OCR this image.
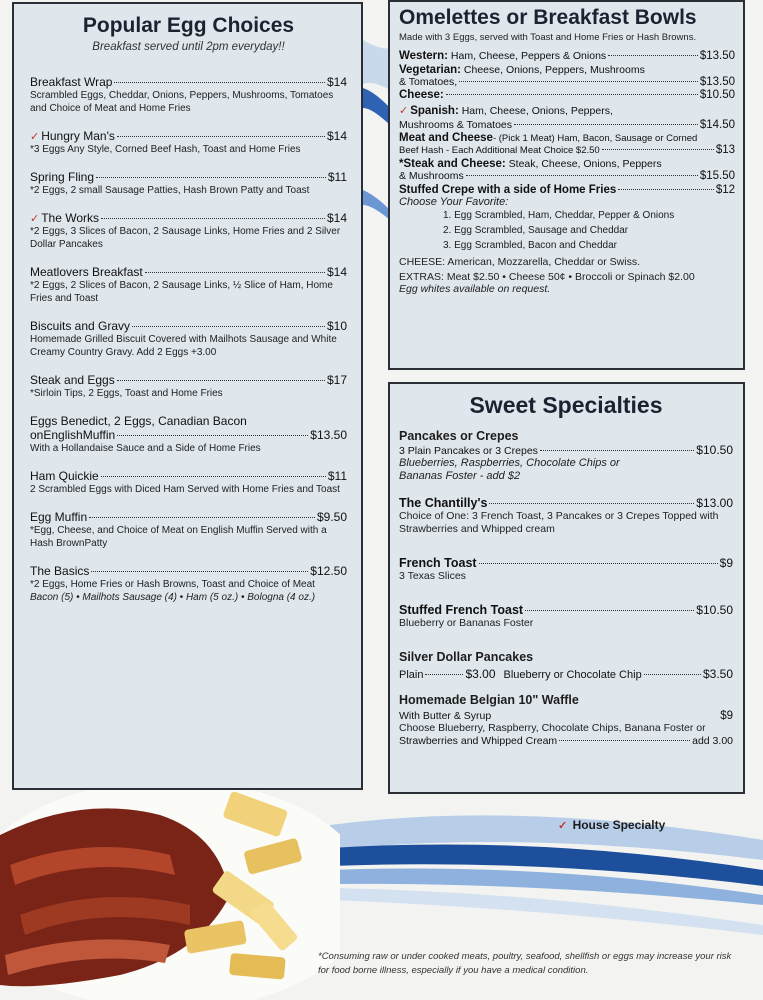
Popular Egg Choices

Breakfast served until 2pm everyday!!

Breakfast Wrap	$14
Scrambled Eggs, Cheddar, Onions, Peppers, Mushrooms, Tomatoes and Choice of Meat and Home Fries
✓ Hungry Man's	$14
*3 Eggs Any Style, Corned Beef Hash, Toast and Home Fries
Spring Fling	$11
*2 Eggs, 2 small Sausage Patties, Hash Brown Patty and Toast
✓ The Works	$14
*2 Eggs, 3 Slices of Bacon, 2 Sausage Links, Home Fries and 2 Silver Dollar Pancakes
Meatlovers Breakfast	$14
*2 Eggs, 2 Slices of Bacon, 2 Sausage Links, ½ Slice of Ham, Home Fries and Toast
Biscuits and Gravy	$10
Homemade Grilled Biscuit Covered with Mailhots Sausage and White Creamy Country Gravy. Add 2 Eggs +3.00
Steak and Eggs	$17
*Sirloin Tips, 2 Eggs, Toast and Home Fries
Eggs Benedict, 2 Eggs, Canadian Bacon
onEnglishMuffin	$13.50
With a Hollandaise Sauce and a Side of Home Fries
Ham Quickie	$11
2 Scrambled Eggs with Diced Ham Served with Home Fries and Toast
Egg Muffin	$9.50
*Egg, Cheese, and Choice of Meat on English Muffin Served with a Hash BrownPatty
The Basics	$12.50
*2 Eggs, Home Fries or Hash Browns, Toast and Choice of Meat
Bacon (5) • Mailhots Sausage (4) • Ham (5 oz.) • Bologna (4 oz.)
Omelettes or Breakfast Bowls
Made with 3 Eggs, served with Toast and Home Fries or Hash Browns.
Western: Ham, Cheese, Peppers & Onions	$13.50
Vegetarian: Cheese, Onions, Peppers, Mushrooms
& Tomatoes,	$13.50
Cheese:	$10.50
✓ Spanish: Ham, Cheese, Onions, Peppers,
Mushrooms & Tomatoes	$14.50
Meat and Cheese- (Pick 1 Meat) Ham, Bacon, Sausage or Corned
Beef Hash - Each Additional Meat Choice $2.50	$13
*Steak and Cheese: Steak, Cheese, Onions, Peppers
& Mushrooms	$15.50
Stuffed Crepe with a side of Home Fries	$12
Choose Your Favorite:
1. Egg Scrambled, Ham, Cheddar, Pepper & Onions
2. Egg Scrambled, Sausage and Cheddar
3. Egg Scrambled, Bacon and Cheddar
CHEESE: American, Mozzarella, Cheddar or Swiss.
EXTRAS: Meat $2.50 • Cheese 50¢ • Broccoli or Spinach $2.00
Egg whites available on request.
Sweet Specialties
Pancakes or Crepes
3 Plain Pancakes or 3 Crepes	$10.50
Blueberries, Raspberries, Chocolate Chips or Bananas Foster - add $2
The Chantilly's	$13.00
Choice of One: 3 French Toast, 3 Pancakes or 3 Crepes Topped with Strawberries and Whipped cream
French Toast	$9
3 Texas Slices
Stuffed French Toast	$10.50
Blueberry or Bananas Foster
Silver Dollar Pancakes
Plain	$3.00 Blueberry or Chocolate Chip	$3.50
Homemade Belgian 10" Waffle
With Butter & Syrup	$9
Choose Blueberry, Raspberry, Chocolate Chips, Banana Foster or
Strawberries and Whipped Cream	add 3.00
✓ House Specialty
*Consuming raw or under cooked meats, poultry, seafood, shellfish or eggs may increase your risk for food borne illness, especially if you have a medical condition.
